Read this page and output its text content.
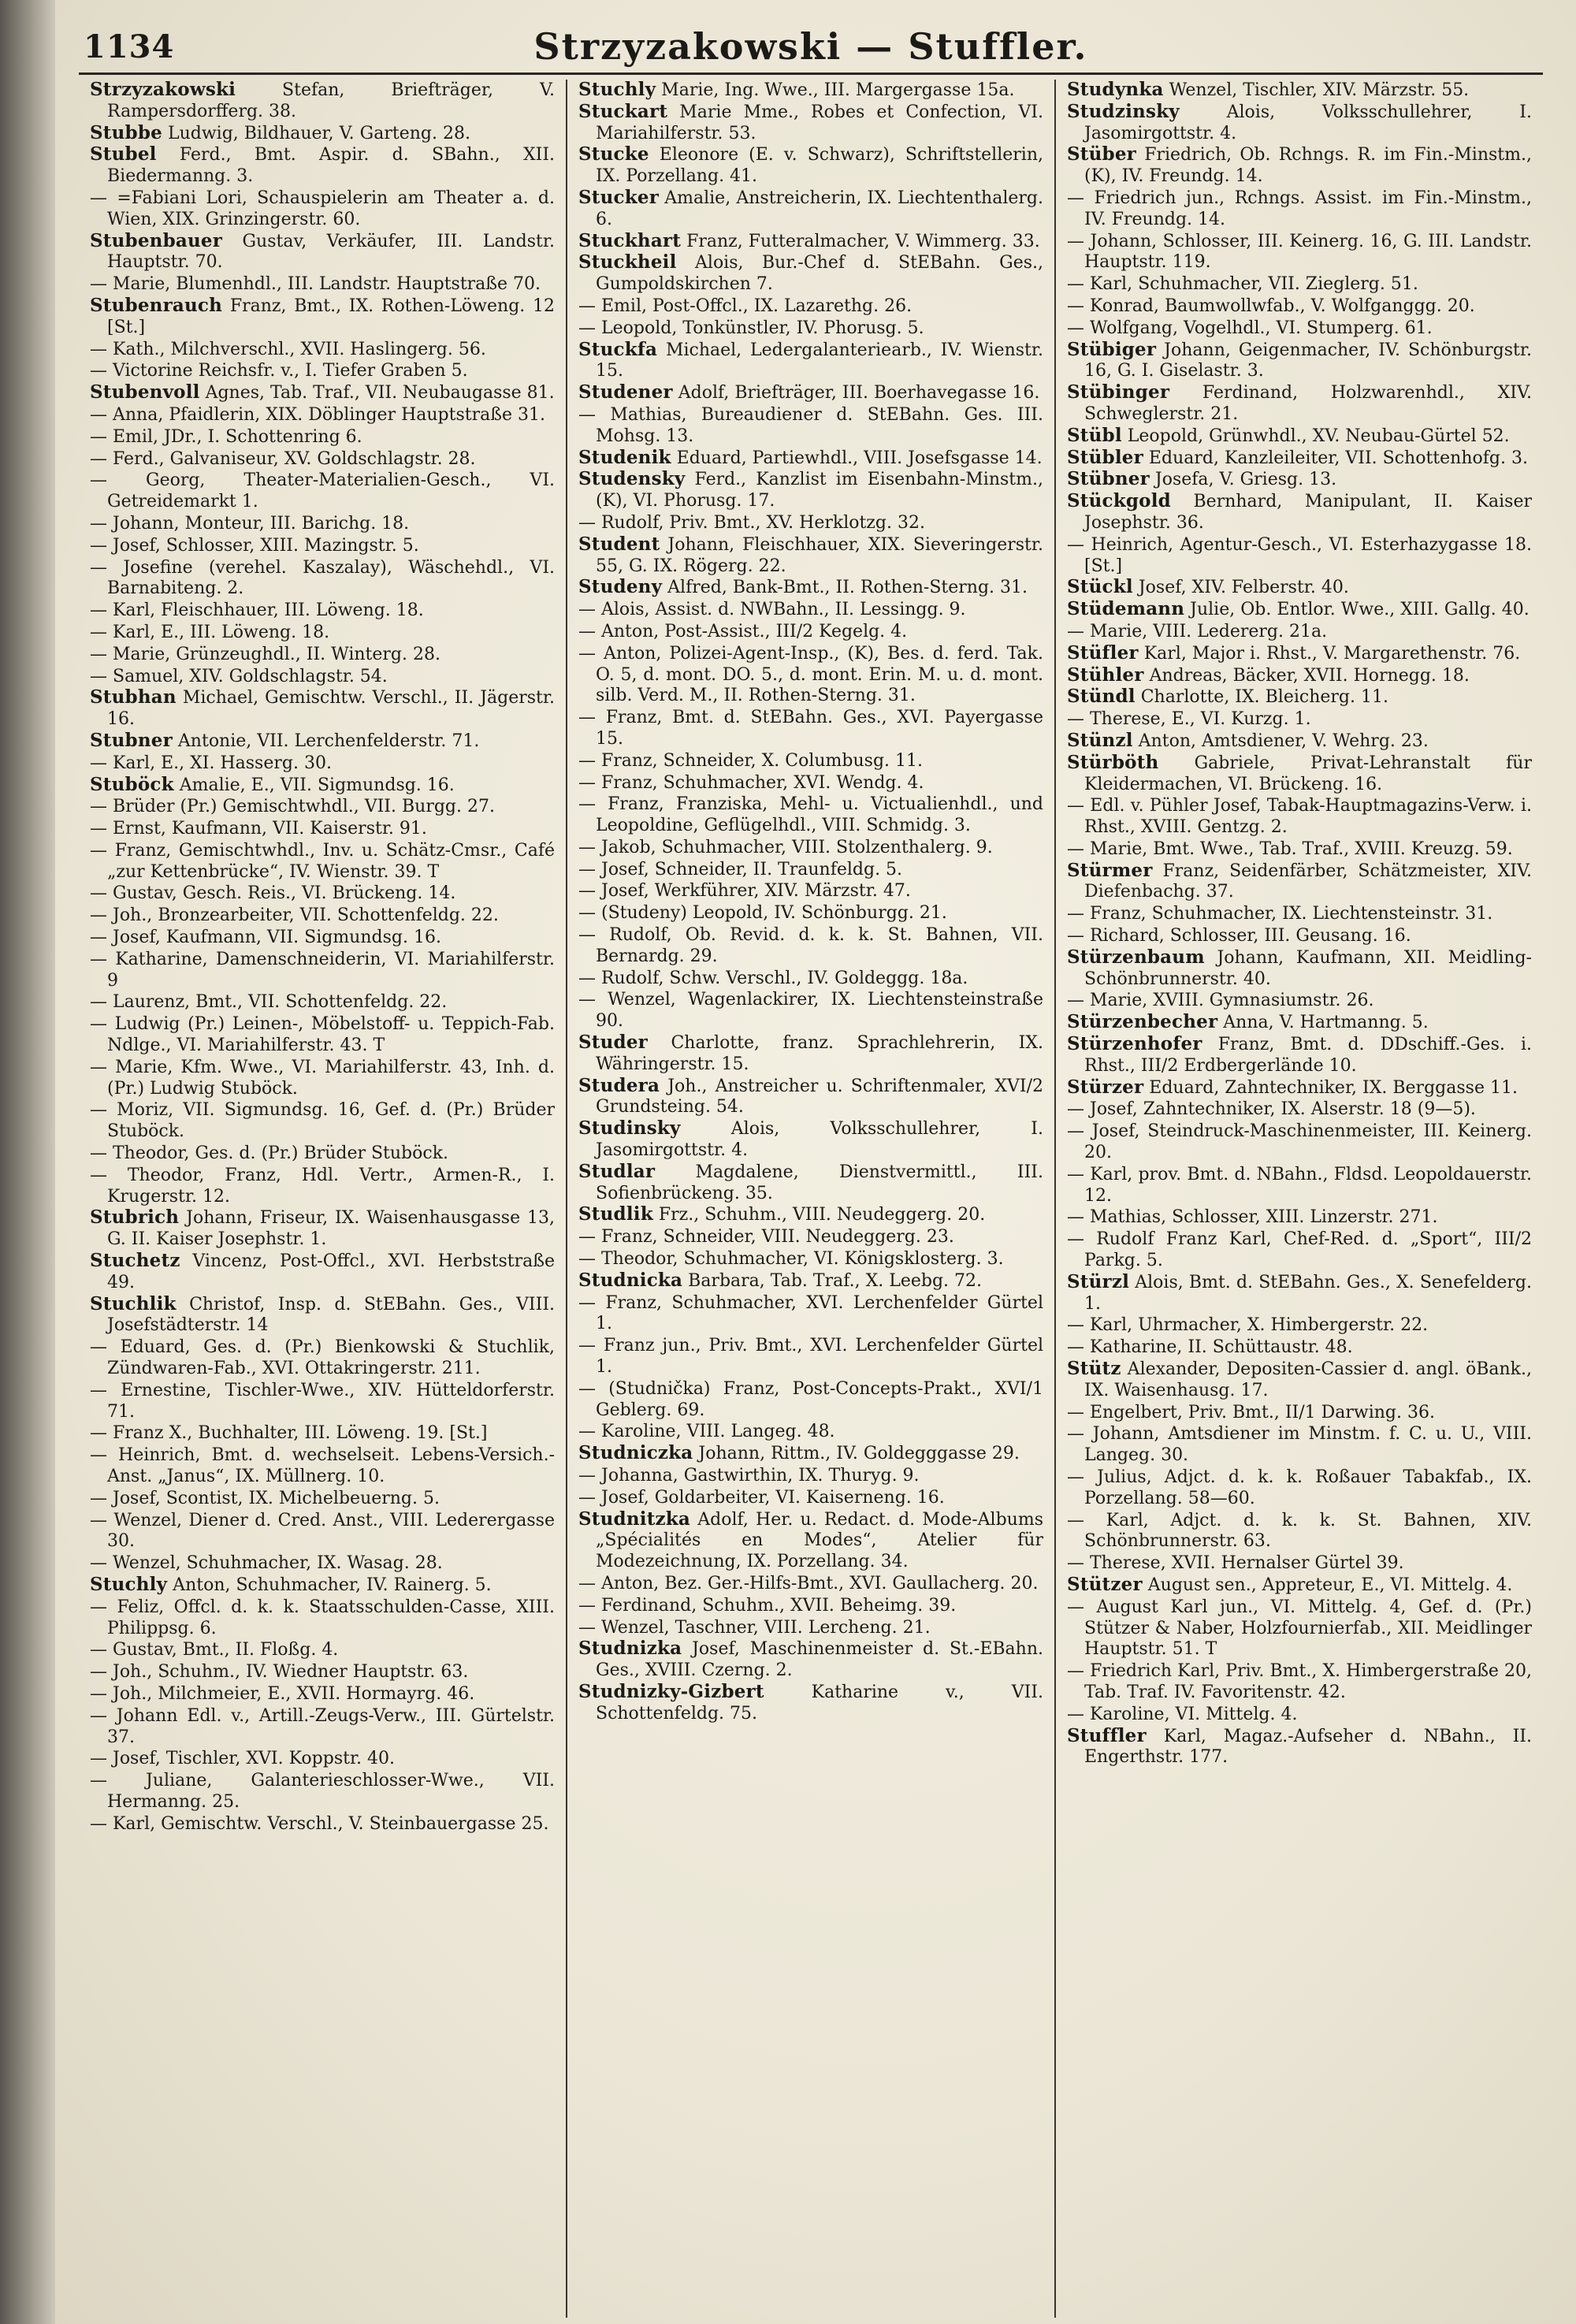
1134	Strzyzakowski — Stuffler.

Strzyzakowski Stefan, Briefträger, V. Rampersdorfferg. 38.

Stubbe Ludwig, Bildhauer, V. Garteng. 28.

Stubel Ferd., Bmt. Aspir. d. SBahn., XII. Biedermanng. 3.

— =Fabiani Lori, Schauspielerin am Theater a. d. Wien, XIX. Grinzingerstr. 60.

Stubenbauer Gustav, Verkäufer, III. Landstr. Hauptstr. 70.

— Marie, Blumenhdl., III. Landstr. Hauptstraße 70.

Stubenrauch Franz, Bmt., IX. Rothen-Löweng. 12 [St.]

— Kath., Milchverschl., XVII. Haslingerg. 56.

— Victorine Reichsfr. v., I. Tiefer Graben 5.

Stubenvoll Agnes, Tab. Traf., VII. Neubaugasse 81.

— Anna, Pfaidlerin, XIX. Döblinger Hauptstraße 31.

— Emil, JDr., I. Schottenring 6.

— Ferd., Galvaniseur, XV. Goldschlagstr. 28.

— Georg, Theater-Materialien-Gesch., VI. Getreidemarkt 1.

— Johann, Monteur, III. Barichg. 18.

— Josef, Schlosser, XIII. Mazingstr. 5.

— Josefine (verehel. Kaszalay), Wäschehdl., VI. Barnabiteng. 2.

— Karl, Fleischhauer, III. Löweng. 18.

— Karl, E., III. Löweng. 18.

— Marie, Grünzeughdl., II. Winterg. 28.

— Samuel, XIV. Goldschlagstr. 54.

Stubhan Michael, Gemischtw. Verschl., II. Jägerstr. 16.

Stubner Antonie, VII. Lerchenfelderstr. 71.

— Karl, E., XI. Hasserg. 30.

Stuböck Amalie, E., VII. Sigmundsg. 16.

— Brüder (Pr.) Gemischtwhdl., VII. Burgg. 27.

— Ernst, Kaufmann, VII. Kaiserstr. 91.

— Franz, Gemischtwhdl., Inv. u. Schätz-Cmsr., Café „zur Kettenbrücke“, IV. Wienstr. 39. T

— Gustav, Gesch. Reis., VI. Brückeng. 14.

— Joh., Bronzearbeiter, VII. Schottenfeldg. 22.

— Josef, Kaufmann, VII. Sigmundsg. 16.

— Katharine, Damenschneiderin, VI. Mariahilferstr. 9

— Laurenz, Bmt., VII. Schottenfeldg. 22.

— Ludwig (Pr.) Leinen-, Möbelstoff- u. Teppich-Fab. Ndlge., VI. Mariahilferstr. 43. T

— Marie, Kfm. Wwe., VI. Mariahilferstr. 43, Inh. d. (Pr.) Ludwig Stuböck.

— Moriz, VII. Sigmundsg. 16, Gef. d. (Pr.) Brüder Stuböck.

— Theodor, Ges. d. (Pr.) Brüder Stuböck.

— Theodor, Franz, Hdl. Vertr., Armen-R., I. Krugerstr. 12.

Stubrich Johann, Friseur, IX. Waisenhausgasse 13, G. II. Kaiser Josephstr. 1.

Stuchetz Vincenz, Post-Offcl., XVI. Herbststraße 49.

Stuchlik Christof, Insp. d. StEBahn. Ges., VIII. Josefstädterstr. 14

— Eduard, Ges. d. (Pr.) Bienkowski & Stuchlik, Zündwaren-Fab., XVI. Ottakringerstr. 211.

— Ernestine, Tischler-Wwe., XIV. Hütteldorferstr. 71.

— Franz X., Buchhalter, III. Löweng. 19. [St.]

— Heinrich, Bmt. d. wechselseit. Lebens-Versich.-Anst. „Janus“, IX. Müllnerg. 10.

— Josef, Scontist, IX. Michelbeuerng. 5.

— Wenzel, Diener d. Cred. Anst., VIII. Lederergasse 30.

— Wenzel, Schuhmacher, IX. Wasag. 28.

Stuchly Anton, Schuhmacher, IV. Rainerg. 5.

— Feliz, Offcl. d. k. k. Staatsschulden-Casse, XIII. Philippsg. 6.

— Gustav, Bmt., II. Floßg. 4.

— Joh., Schuhm., IV. Wiedner Hauptstr. 63.

— Joh., Milchmeier, E., XVII. Hormayrg. 46.

— Johann Edl. v., Artill.-Zeugs-Verw., III. Gürtelstr. 37.

— Josef, Tischler, XVI. Koppstr. 40.

— Juliane, Galanterieschlosser-Wwe., VII. Hermanng. 25.

— Karl, Gemischtw. Verschl., V. Steinbauergasse 25.

Stuchly Marie, Ing. Wwe., III. Margergasse 15a.

Stuckart Marie Mme., Robes et Confection, VI. Mariahilferstr. 53.

Stucke Eleonore (E. v. Schwarz), Schriftstellerin, IX. Porzellang. 41.

Stucker Amalie, Anstreicherin, IX. Liechtenthalerg. 6.

Stuckhart Franz, Futteralmacher, V. Wimmerg. 33.

Stuckheil Alois, Bur.-Chef d. StEBahn. Ges., Gumpoldskirchen 7.

— Emil, Post-Offcl., IX. Lazarethg. 26.

— Leopold, Tonkünstler, IV. Phorusg. 5.

Stuckfa Michael, Ledergalanteriearb., IV. Wienstr. 15.

Studener Adolf, Briefträger, III. Boerhavegasse 16.

— Mathias, Bureaudiener d. StEBahn. Ges. III. Mohsg. 13.

Studenik Eduard, Partiewhdl., VIII. Josefsgasse 14.

Studensky Ferd., Kanzlist im Eisenbahn-Minstm., (K), VI. Phorusg. 17.

— Rudolf, Priv. Bmt., XV. Herklotzg. 32.

Student Johann, Fleischhauer, XIX. Sieveringerstr. 55, G. IX. Rögerg. 22.

Studeny Alfred, Bank-Bmt., II. Rothen-Sterng. 31.

— Alois, Assist. d. NWBahn., II. Lessingg. 9.

— Anton, Post-Assist., III/2 Kegelg. 4.

— Anton, Polizei-Agent-Insp., (K), Bes. d. ferd. Tak. O. 5, d. mont. DO. 5., d. mont. Erin. M. u. d. mont. silb. Verd. M., II. Rothen-Sterng. 31.

— Franz, Bmt. d. StEBahn. Ges., XVI. Payergasse 15.

— Franz, Schneider, X. Columbusg. 11.

— Franz, Schuhmacher, XVI. Wendg. 4.

— Franz, Franziska, Mehl- u. Victualienhdl., und Leopoldine, Geflügelhdl., VIII. Schmidg. 3.

— Jakob, Schuhmacher, VIII. Stolzenthalerg. 9.

— Josef, Schneider, II. Traunfeldg. 5.

— Josef, Werkführer, XIV. Märzstr. 47.

— (Studeny) Leopold, IV. Schönburgg. 21.

— Rudolf, Ob. Revid. d. k. k. St. Bahnen, VII. Bernardg. 29.

— Rudolf, Schw. Verschl., IV. Goldeggg. 18a.

— Wenzel, Wagenlackirer, IX. Liechtensteinstraße 90.

Studer Charlotte, franz. Sprachlehrerin, IX. Währingerstr. 15.

Studera Joh., Anstreicher u. Schriftenmaler, XVI/2 Grundsteing. 54.

Studinsky Alois, Volksschullehrer, I. Jasomirgottstr. 4.

Studlar Magdalene, Dienstvermittl., III. Sofienbrückeng. 35.

Studlik Frz., Schuhm., VIII. Neudeggerg. 20.

— Franz, Schneider, VIII. Neudeggerg. 23.

— Theodor, Schuhmacher, VI. Königsklosterg. 3.

Studnicka Barbara, Tab. Traf., X. Leebg. 72.

— Franz, Schuhmacher, XVI. Lerchenfelder Gürtel 1.

— Franz jun., Priv. Bmt., XVI. Lerchenfelder Gürtel 1.

— (Studnička) Franz, Post-Concepts-Prakt., XVI/1 Geblerg. 69.

— Karoline, VIII. Langeg. 48.

Studniczka Johann, Rittm., IV. Goldegggasse 29.

— Johanna, Gastwirthin, IX. Thuryg. 9.

— Josef, Goldarbeiter, VI. Kaiserneng. 16.

Studnitzka Adolf, Her. u. Redact. d. Mode-Albums „Spécialités en Modes“, Atelier für Modezeichnung, IX. Porzellang. 34.

— Anton, Bez. Ger.-Hilfs-Bmt., XVI. Gaullacherg. 20.

— Ferdinand, Schuhm., XVII. Beheimg. 39.

— Wenzel, Taschner, VIII. Lercheng. 21.

Studnizka Josef, Maschinenmeister d. St.-EBahn. Ges., XVIII. Czerng. 2.

Studnizky-Gizbert Katharine v., VII. Schottenfeldg. 75.

Studynka Wenzel, Tischler, XIV. Märzstr. 55.

Studzinsky Alois, Volksschullehrer, I. Jasomirgottstr. 4.

Stüber Friedrich, Ob. Rchngs. R. im Fin.-Minstm., (K), IV. Freundg. 14.

— Friedrich jun., Rchngs. Assist. im Fin.-Minstm., IV. Freundg. 14.

— Johann, Schlosser, III. Keinerg. 16, G. III. Landstr. Hauptstr. 119.

— Karl, Schuhmacher, VII. Zieglerg. 51.

— Konrad, Baumwollwfab., V. Wolfganggg. 20.

— Wolfgang, Vogelhdl., VI. Stumperg. 61.

Stübiger Johann, Geigenmacher, IV. Schönburgstr. 16, G. I. Giselastr. 3.

Stübinger Ferdinand, Holzwarenhdl., XIV. Schweglerstr. 21.

Stübl Leopold, Grünwhdl., XV. Neubau-Gürtel 52.

Stübler Eduard, Kanzleileiter, VII. Schottenhofg. 3.

Stübner Josefa, V. Griesg. 13.

Stückgold Bernhard, Manipulant, II. Kaiser Josephstr. 36.

— Heinrich, Agentur-Gesch., VI. Esterhazygasse 18. [St.]

Stückl Josef, XIV. Felberstr. 40.

Stüdemann Julie, Ob. Entlor. Wwe., XIII. Gallg. 40.

— Marie, VIII. Ledererg. 21a.

Stüfler Karl, Major i. Rhst., V. Margarethenstr. 76.

Stühler Andreas, Bäcker, XVII. Hornegg. 18.

Stündl Charlotte, IX. Bleicherg. 11.

— Therese, E., VI. Kurzg. 1.

Stünzl Anton, Amtsdiener, V. Wehrg. 23.

Stürböth Gabriele, Privat-Lehranstalt für Kleidermachen, VI. Brückeng. 16.

— Edl. v. Pühler Josef, Tabak-Hauptmagazins-Verw. i. Rhst., XVIII. Gentzg. 2.

— Marie, Bmt. Wwe., Tab. Traf., XVIII. Kreuzg. 59.

Stürmer Franz, Seidenfärber, Schätzmeister, XIV. Diefenbachg. 37.

— Franz, Schuhmacher, IX. Liechtensteinstr. 31.

— Richard, Schlosser, III. Geusang. 16.

Stürzenbaum Johann, Kaufmann, XII. Meidling-Schönbrunnerstr. 40.

— Marie, XVIII. Gymnasiumstr. 26.

Stürzenbecher Anna, V. Hartmanng. 5.

Stürzenhofer Franz, Bmt. d. DDschiff.-Ges. i. Rhst., III/2 Erdbergerlände 10.

Stürzer Eduard, Zahntechniker, IX. Berggasse 11.

— Josef, Zahntechniker, IX. Alserstr. 18 (9—5).

— Josef, Steindruck-Maschinenmeister, III. Keinerg. 20.

— Karl, prov. Bmt. d. NBahn., Fldsd. Leopoldauerstr. 12.

— Mathias, Schlosser, XIII. Linzerstr. 271.

— Rudolf Franz Karl, Chef-Red. d. „Sport“, III/2 Parkg. 5.

Stürzl Alois, Bmt. d. StEBahn. Ges., X. Senefelderg. 1.

— Karl, Uhrmacher, X. Himbergerstr. 22.

— Katharine, II. Schüttaustr. 48.

Stütz Alexander, Depositen-Cassier d. angl. öBank., IX. Waisenhausg. 17.

— Engelbert, Priv. Bmt., II/1 Darwing. 36.

— Johann, Amtsdiener im Minstm. f. C. u. U., VIII. Langeg. 30.

— Julius, Adjct. d. k. k. Roßauer Tabakfab., IX. Porzellang. 58—60.

— Karl, Adjct. d. k. k. St. Bahnen, XIV. Schönbrunnerstr. 63.

— Therese, XVII. Hernalser Gürtel 39.

Stützer August sen., Appreteur, E., VI. Mittelg. 4.

— August Karl jun., VI. Mittelg. 4, Gef. d. (Pr.) Stützer & Naber, Holzfournierfab., XII. Meidlinger Hauptstr. 51. T

— Friedrich Karl, Priv. Bmt., X. Himbergerstraße 20, Tab. Traf. IV. Favoritenstr. 42.

— Karoline, VI. Mittelg. 4.

Stuffler Karl, Magaz.-Aufseher d. NBahn., II. Engerthstr. 177.
